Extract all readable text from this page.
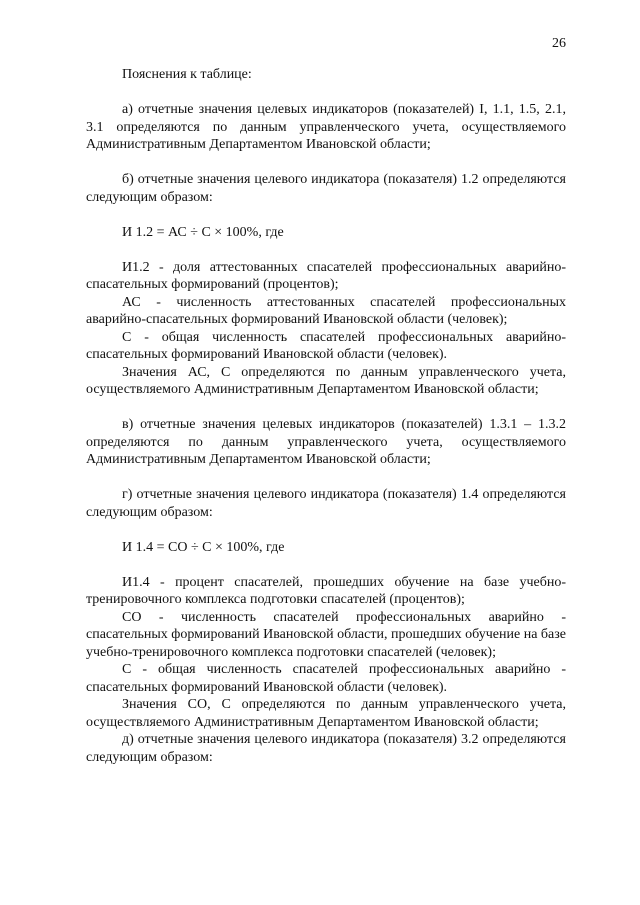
26

Пояснения к таблице:

а) отчетные значения целевых индикаторов (показателей) I, 1.1, 1.5, 2.1, 3.1 определяются по данным управленческого учета, осуществляемого Административным Департаментом Ивановской области;

б) отчетные значения целевого индикатора (показателя) 1.2 определяются следующим образом:

И 1.2 = АС ÷ С × 100%, где

И1.2 - доля аттестованных спасателей профессиональных аварийно-спасательных формирований (процентов);

АС - численность аттестованных спасателей профессиональных аварийно-спасательных формирований Ивановской области (человек);

С - общая численность спасателей профессиональных аварийно-спасательных формирований Ивановской области (человек).

Значения АС, С определяются по данным управленческого учета, осуществляемого Административным Департаментом Ивановской области;

в) отчетные значения целевых индикаторов (показателей) 1.3.1 – 1.3.2 определяются по данным управленческого учета, осуществляемого Административным Департаментом Ивановской области;

г) отчетные значения целевого индикатора (показателя) 1.4 определяются следующим образом:

И 1.4 = СО ÷ С × 100%, где

И1.4 - процент спасателей, прошедших обучение на базе учебно-тренировочного комплекса подготовки спасателей (процентов);

СО - численность спасателей профессиональных аварийно - спасательных формирований Ивановской области, прошедших обучение на базе учебно-тренировочного комплекса подготовки спасателей (человек);

С - общая численность спасателей профессиональных аварийно - спасательных формирований Ивановской области (человек).

Значения СО, С определяются по данным управленческого учета, осуществляемого Административным Департаментом Ивановской области;

д) отчетные значения целевого индикатора (показателя) 3.2 определяются следующим образом:
